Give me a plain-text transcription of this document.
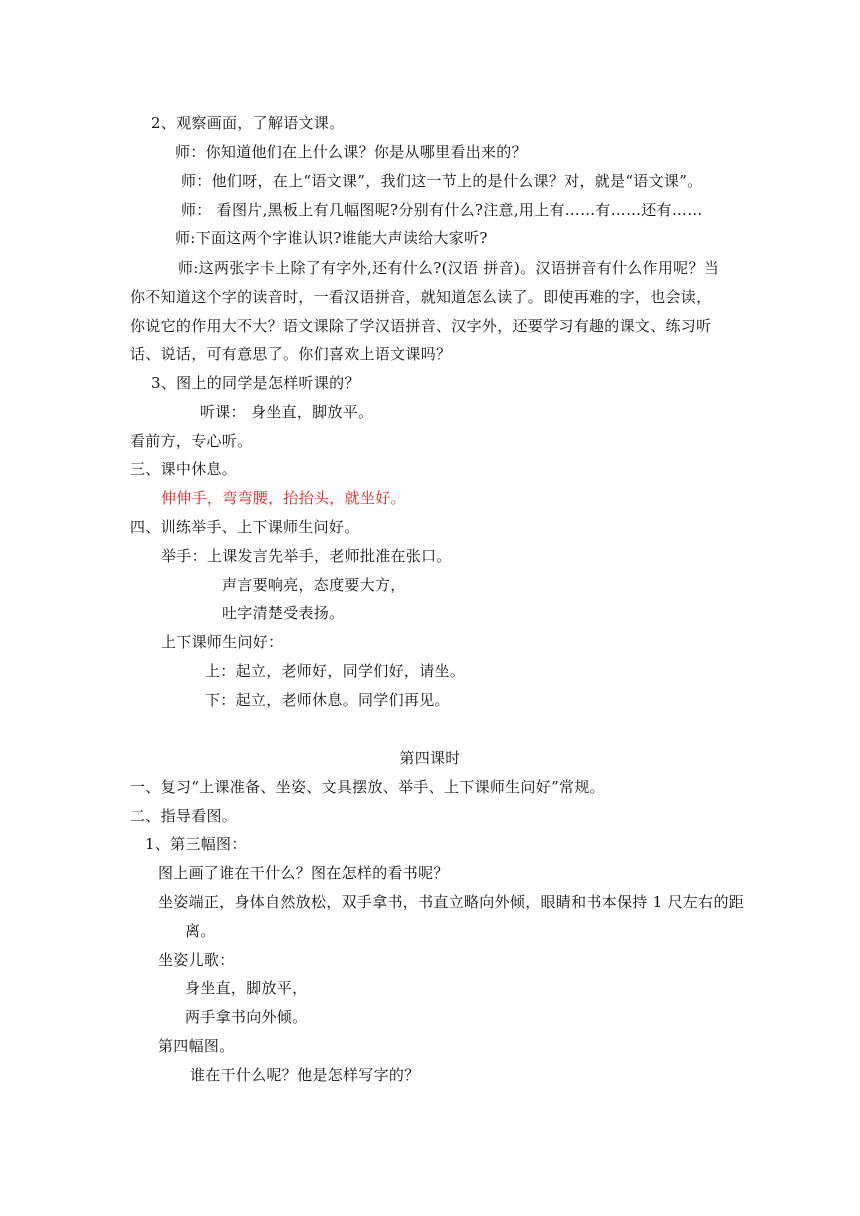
2、观察画面，了解语文课。
师：你知道他们在上什么课？你是从哪里看出来的？
师：他们呀，在上“语文课”，我们这一节上的是什么课？对，就是“语文课”。
师： 看图片,黑板上有几幅图呢?分别有什么?注意,用上有……有……还有……
师:下面这两个字谁认识?谁能大声读给大家听?
师:这两张字卡上除了有字外,还有什么?(汉语 拼音)。汉语拼音有什么作用呢？当
你不知道这个字的读音时，一看汉语拼音，就知道怎么读了。即使再难的字，也会读，
你说它的作用大不大？语文课除了学汉语拼音、汉字外，还要学习有趣的课文、练习听
话、说话，可有意思了。你们喜欢上语文课吗？
3、图上的同学是怎样听课的？
听课： 身坐直，脚放平。
看前方，专心听。
三、课中休息。
伸伸手，弯弯腰，抬抬头，就坐好。
四、训练举手、上下课师生问好。
举手：上课发言先举手，老师批准在张口。
声言要响亮，态度要大方，
吐字清楚受表扬。
上下课师生问好：
上：起立，老师好，同学们好，请坐。
下：起立，老师休息。同学们再见。
第四课时
一、复习“上课准备、坐姿、文具摆放、举手、上下课师生问好”常规。
二、指导看图。
1、第三幅图：
图上画了谁在干什么？图在怎样的看书呢？
坐姿端正，身体自然放松，双手拿书，书直立略向外倾，眼睛和书本保持 1 尺左右的距
离。
坐姿儿歌：
身坐直，脚放平，
两手拿书向外倾。
第四幅图。
谁在干什么呢？他是怎样写字的？
